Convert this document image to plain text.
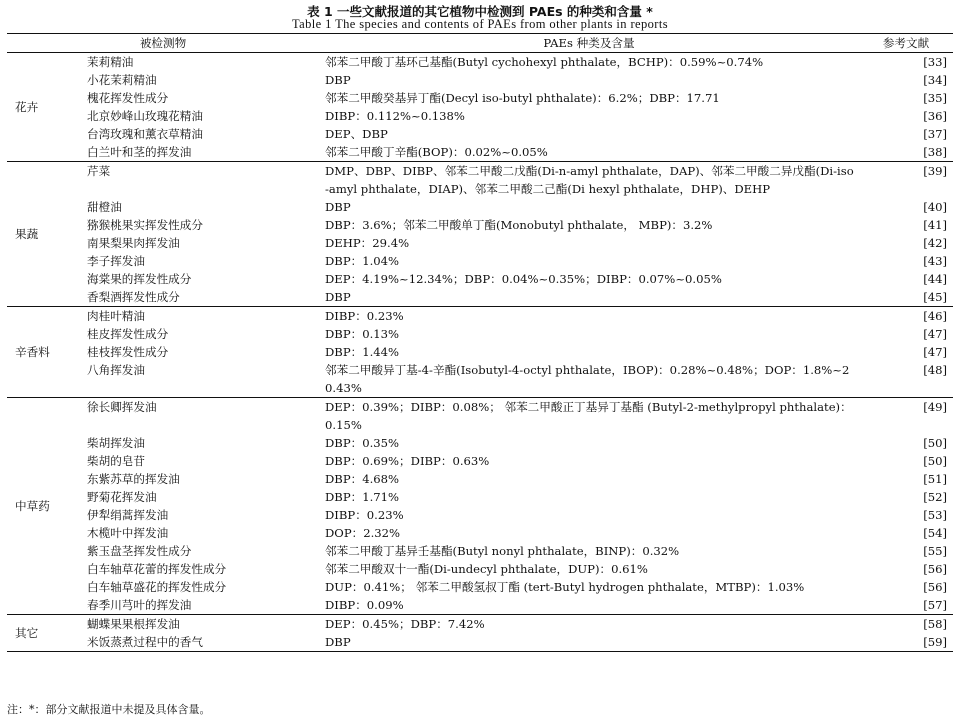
表 1 一些文献报道的其它植物中检测到 PAEs 的种类和含量 *
Table 1 The species and contents of PAEs from other plants in reports
被检测物		PAEs 种类及含量	参考文献
花卉	茉莉精油	邻苯二甲酸丁基环己基酯(Butyl cychohexyl phthalate，BCHP)：0.59%~0.74%	[33]
	小花茉莉精油	DBP	[34]
	槐花挥发性成分	邻苯二甲酸癸基异丁酯(Decyl iso-butyl phthalate)：6.2%；DBP：17.71	[35]
	北京妙峰山玫瑰花精油	DIBP：0.112%~0.138%	[36]
	台湾玫瑰和薰衣草精油	DEP、DBP	[37]
	白兰叶和茎的挥发油	邻苯二甲酸丁辛酯(BOP)：0.02%~0.05%	[38]
果蔬	芹菜	DMP、DBP、DIBP、邻苯二甲酸二戊酯(Di-n-amyl phthalate，DAP)、邻苯二甲酸二异戊酯(Di-iso-amyl phthalate，DIAP)、邻苯二甲酸二己酯(Di hexyl phthalate，DHP)、DEHP	[39]
	甜橙油	DBP	[40]
	猕猴桃果实挥发性成分	DBP：3.6%；邻苯二甲酸单丁酯(Monobutyl phthalate， MBP)：3.2%	[41]
	南果梨果肉挥发油	DEHP：29.4%	[42]
	李子挥发油	DBP：1.04%	[43]
	海棠果的挥发性成分	DEP：4.19%~12.34%；DBP：0.04%~0.35%；DIBP：0.07%~0.05%	[44]
	香梨酒挥发性成分	DBP	[45]
辛香料	肉桂叶精油	DIBP：0.23%	[46]
	桂皮挥发性成分	DBP：0.13%	[47]
	桂枝挥发性成分	DBP：1.44%	[47]
	八角挥发油	邻苯二甲酸异丁基-4-辛酯(Isobutyl-4-octyl phthalate，IBOP)：0.28%~0.48%；DOP：1.8%~20.43%	[48]
中草药	徐长卿挥发油	DEP：0.39%；DIBP：0.08%； 邻苯二甲酸正丁基异丁基酯 (Butyl-2-methylpropyl phthalate)：0.15%	[49]
	柴胡挥发油	DBP：0.35%	[50]
	柴胡的皂苷	DBP：0.69%；DIBP：0.63%	[50]
	东紫苏草的挥发油	DBP：4.68%	[51]
	野菊花挥发油	DBP：1.71%	[52]
	伊犁绢蒿挥发油	DIBP：0.23%	[53]
	木榄叶中挥发油	DOP：2.32%	[54]
	紫玉盘茎挥发性成分	邻苯二甲酸丁基异壬基酯(Butyl nonyl phthalate，BINP)：0.32%	[55]
	白车轴草花蕾的挥发性成分	邻苯二甲酸双十一酯(Di-undecyl phthalate，DUP)：0.61%	[56]
	白车轴草盛花的挥发性成分	DUP：0.41%； 邻苯二甲酸氢叔丁酯 (tert-Butyl hydrogen phthalate，MTBP)：1.03%	[56]
	春季川芎叶的挥发油	DIBP：0.09%	[57]
其它	蝴蝶果果根挥发油	DEP：0.45%；DBP：7.42%	[58]
	米饭蒸煮过程中的香气	DBP	[59]
注：*：部分文献报道中未提及具体含量。
